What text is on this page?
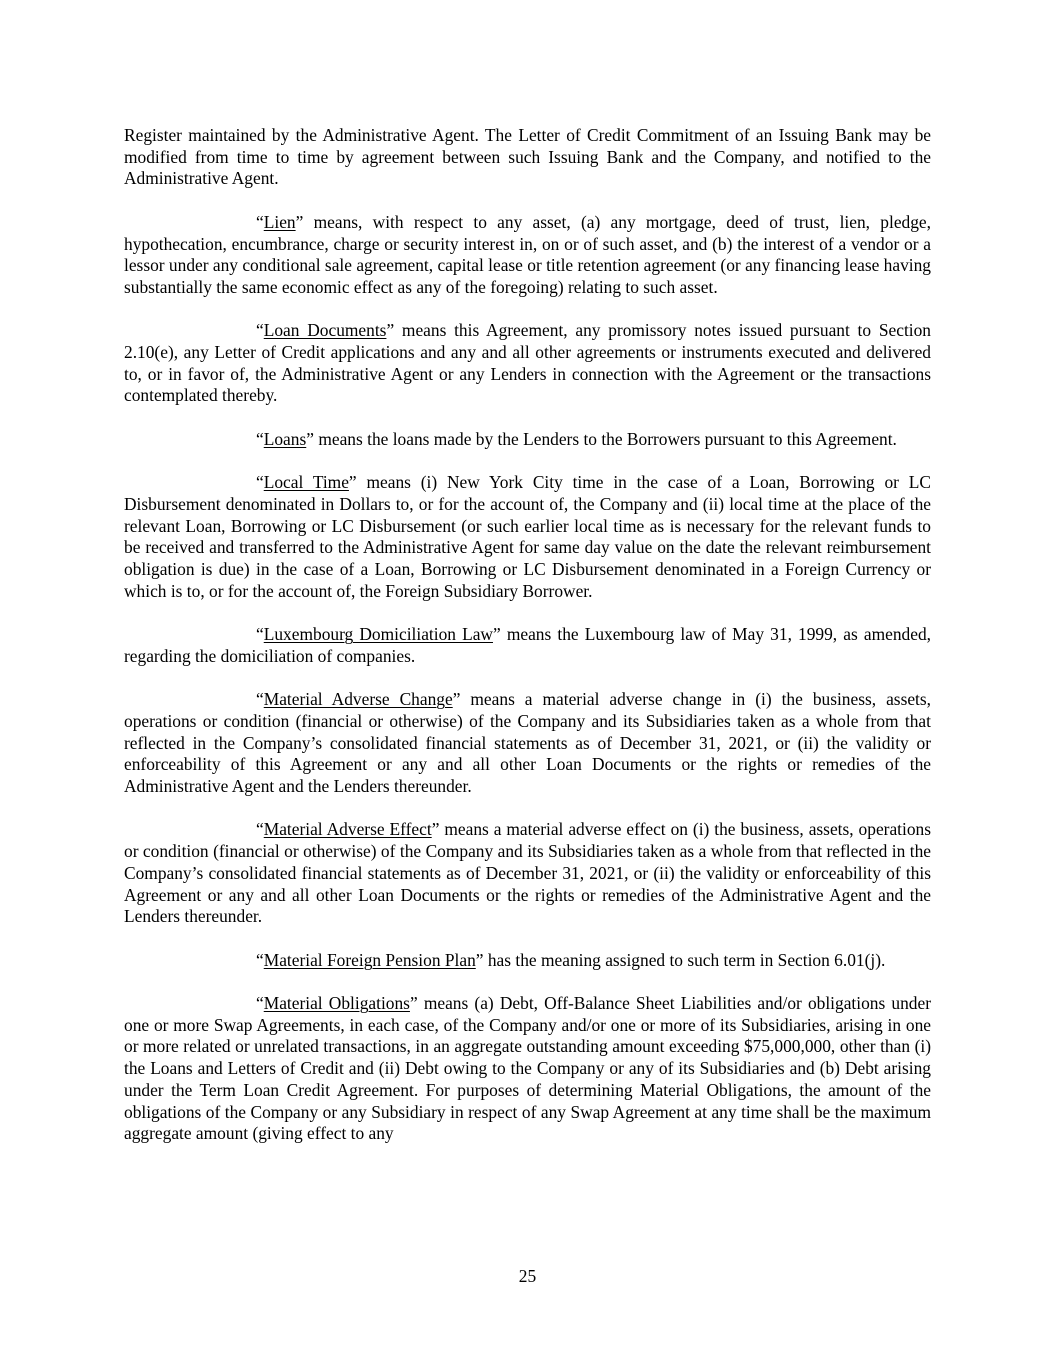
Register maintained by the Administrative Agent. The Letter of Credit Commitment of an Issuing Bank may be modified from time to time by agreement between such Issuing Bank and the Company, and notified to the Administrative Agent.

“Lien” means, with respect to any asset, (a) any mortgage, deed of trust, lien, pledge, hypothecation, encumbrance, charge or security interest in, on or of such asset, and (b) the interest of a vendor or a lessor under any conditional sale agreement, capital lease or title retention agreement (or any financing lease having substantially the same economic effect as any of the foregoing) relating to such asset.

“Loan Documents” means this Agreement, any promissory notes issued pursuant to Section 2.10(e), any Letter of Credit applications and any and all other agreements or instruments executed and delivered to, or in favor of, the Administrative Agent or any Lenders in connection with the Agreement or the transactions contemplated thereby.

“Loans” means the loans made by the Lenders to the Borrowers pursuant to this Agreement.

“Local Time” means (i) New York City time in the case of a Loan, Borrowing or LC Disbursement denominated in Dollars to, or for the account of, the Company and (ii) local time at the place of the relevant Loan, Borrowing or LC Disbursement (or such earlier local time as is necessary for the relevant funds to be received and transferred to the Administrative Agent for same day value on the date the relevant reimbursement obligation is due) in the case of a Loan, Borrowing or LC Disbursement denominated in a Foreign Currency or which is to, or for the account of, the Foreign Subsidiary Borrower.

“Luxembourg Domiciliation Law” means the Luxembourg law of May 31, 1999, as amended, regarding the domiciliation of companies.

“Material Adverse Change” means a material adverse change in (i) the business, assets, operations or condition (financial or otherwise) of the Company and its Subsidiaries taken as a whole from that reflected in the Company’s consolidated financial statements as of December 31, 2021, or (ii) the validity or enforceability of this Agreement or any and all other Loan Documents or the rights or remedies of the Administrative Agent and the Lenders thereunder.

“Material Adverse Effect” means a material adverse effect on (i) the business, assets, operations or condition (financial or otherwise) of the Company and its Subsidiaries taken as a whole from that reflected in the Company’s consolidated financial statements as of December 31, 2021, or (ii) the validity or enforceability of this Agreement or any and all other Loan Documents or the rights or remedies of the Administrative Agent and the Lenders thereunder.

“Material Foreign Pension Plan” has the meaning assigned to such term in Section 6.01(j).

“Material Obligations” means (a) Debt, Off-Balance Sheet Liabilities and/or obligations under one or more Swap Agreements, in each case, of the Company and/or one or more of its Subsidiaries, arising in one or more related or unrelated transactions, in an aggregate outstanding amount exceeding $75,000,000, other than (i) the Loans and Letters of Credit and (ii) Debt owing to the Company or any of its Subsidiaries and (b) Debt arising under the Term Loan Credit Agreement. For purposes of determining Material Obligations, the amount of the obligations of the Company or any Subsidiary in respect of any Swap Agreement at any time shall be the maximum aggregate amount (giving effect to any

25
